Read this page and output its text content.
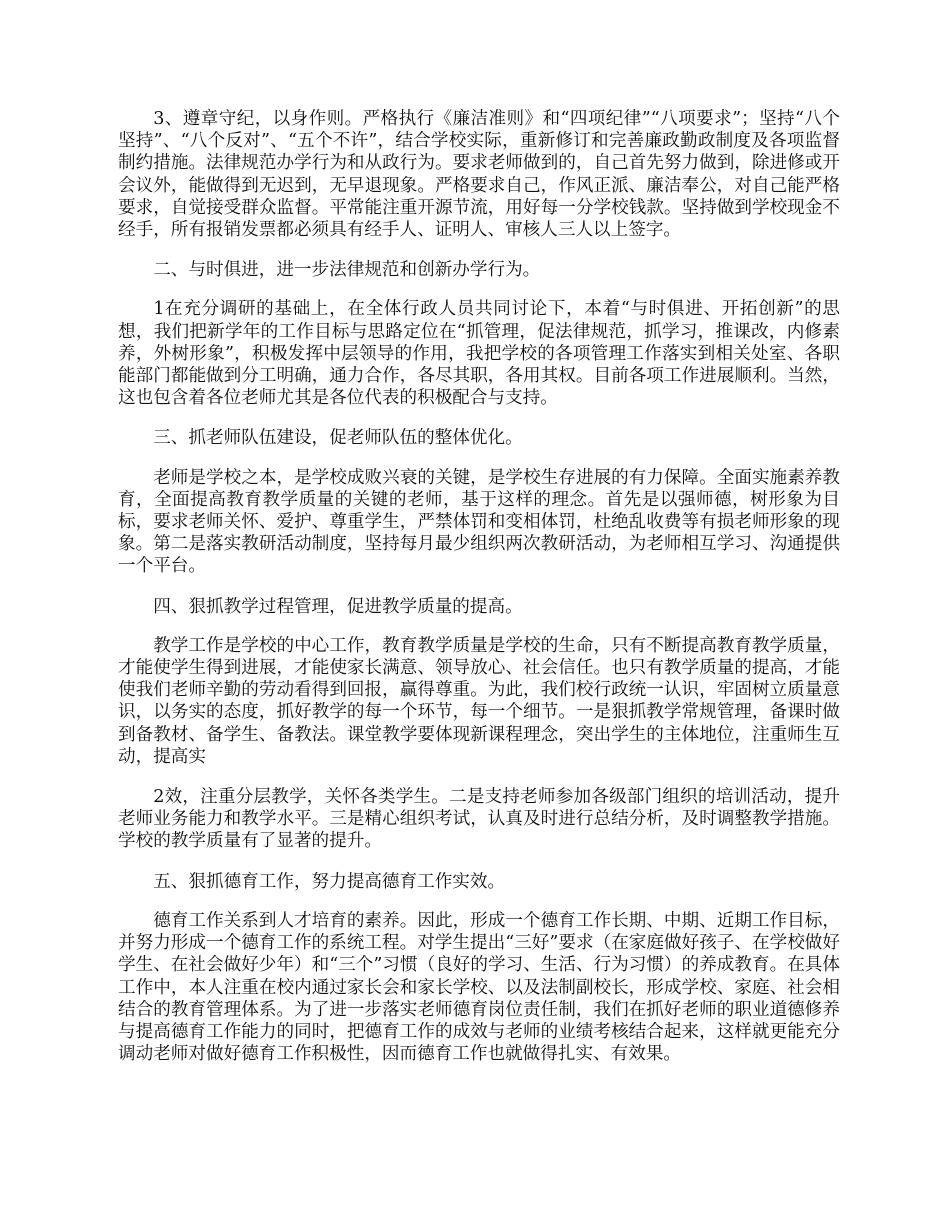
3、遵章守纪，以身作则。严格执行《廉洁准则》和“四项纪律”“八项要求”；坚持“八个坚持”、“八个反对”、“五个不许”，结合学校实际，重新修订和完善廉政勤政制度及各项监督制约措施。法律规范办学行为和从政行为。要求老师做到的，自己首先努力做到，除进修或开会议外，能做得到无迟到，无早退现象。严格要求自己，作风正派、廉洁奉公，对自己能严格要求，自觉接受群众监督。平常能注重开源节流，用好每一分学校钱款。坚持做到学校现金不经手，所有报销发票都必须具有经手人、证明人、审核人三人以上签字。

二、与时俱进，进一步法律规范和创新办学行为。

1在充分调研的基础上，在全体行政人员共同讨论下，本着“与时俱进、开拓创新”的思想，我们把新学年的工作目标与思路定位在“抓管理，促法律规范，抓学习，推课改，内修素养，外树形象”，积极发挥中层领导的作用，我把学校的各项管理工作落实到相关处室、各职能部门都能做到分工明确，通力合作，各尽其职，各用其权。目前各项工作进展顺利。当然，这也包含着各位老师尤其是各位代表的积极配合与支持。

三、抓老师队伍建设，促老师队伍的整体优化。

老师是学校之本，是学校成败兴衰的关键，是学校生存进展的有力保障。全面实施素养教育，全面提高教育教学质量的关键的老师，基于这样的理念。首先是以强师德，树形象为目标，要求老师关怀、爱护、尊重学生，严禁体罚和变相体罚，杜绝乱收费等有损老师形象的现象。第二是落实教研活动制度，坚持每月最少组织两次教研活动，为老师相互学习、沟通提供一个平台。

四、狠抓教学过程管理，促进教学质量的提高。

教学工作是学校的中心工作，教育教学质量是学校的生命，只有不断提高教育教学质量，才能使学生得到进展，才能使家长满意、领导放心、社会信任。也只有教学质量的提高，才能使我们老师辛勤的劳动看得到回报，赢得尊重。为此，我们校行政统一认识，牢固树立质量意识，以务实的态度，抓好教学的每一个环节，每一个细节。一是狠抓教学常规管理，备课时做到备教材、备学生、备教法。课堂教学要体现新课程理念，突出学生的主体地位，注重师生互动，提高实

2效，注重分层教学，关怀各类学生。二是支持老师参加各级部门组织的培训活动，提升老师业务能力和教学水平。三是精心组织考试，认真及时进行总结分析，及时调整教学措施。学校的教学质量有了显著的提升。

五、狠抓德育工作，努力提高德育工作实效。

德育工作关系到人才培育的素养。因此，形成一个德育工作长期、中期、近期工作目标，并努力形成一个德育工作的系统工程。对学生提出“三好”要求（在家庭做好孩子、在学校做好学生、在社会做好少年）和“三个”习惯（良好的学习、生活、行为习惯）的养成教育。在具体工作中，本人注重在校内通过家长会和家长学校、以及法制副校长，形成学校、家庭、社会相结合的教育管理体系。为了进一步落实老师德育岗位责任制，我们在抓好老师的职业道德修养与提高德育工作能力的同时，把德育工作的成效与老师的业绩考核结合起来，这样就更能充分调动老师对做好德育工作积极性，因而德育工作也就做得扎实、有效果。
